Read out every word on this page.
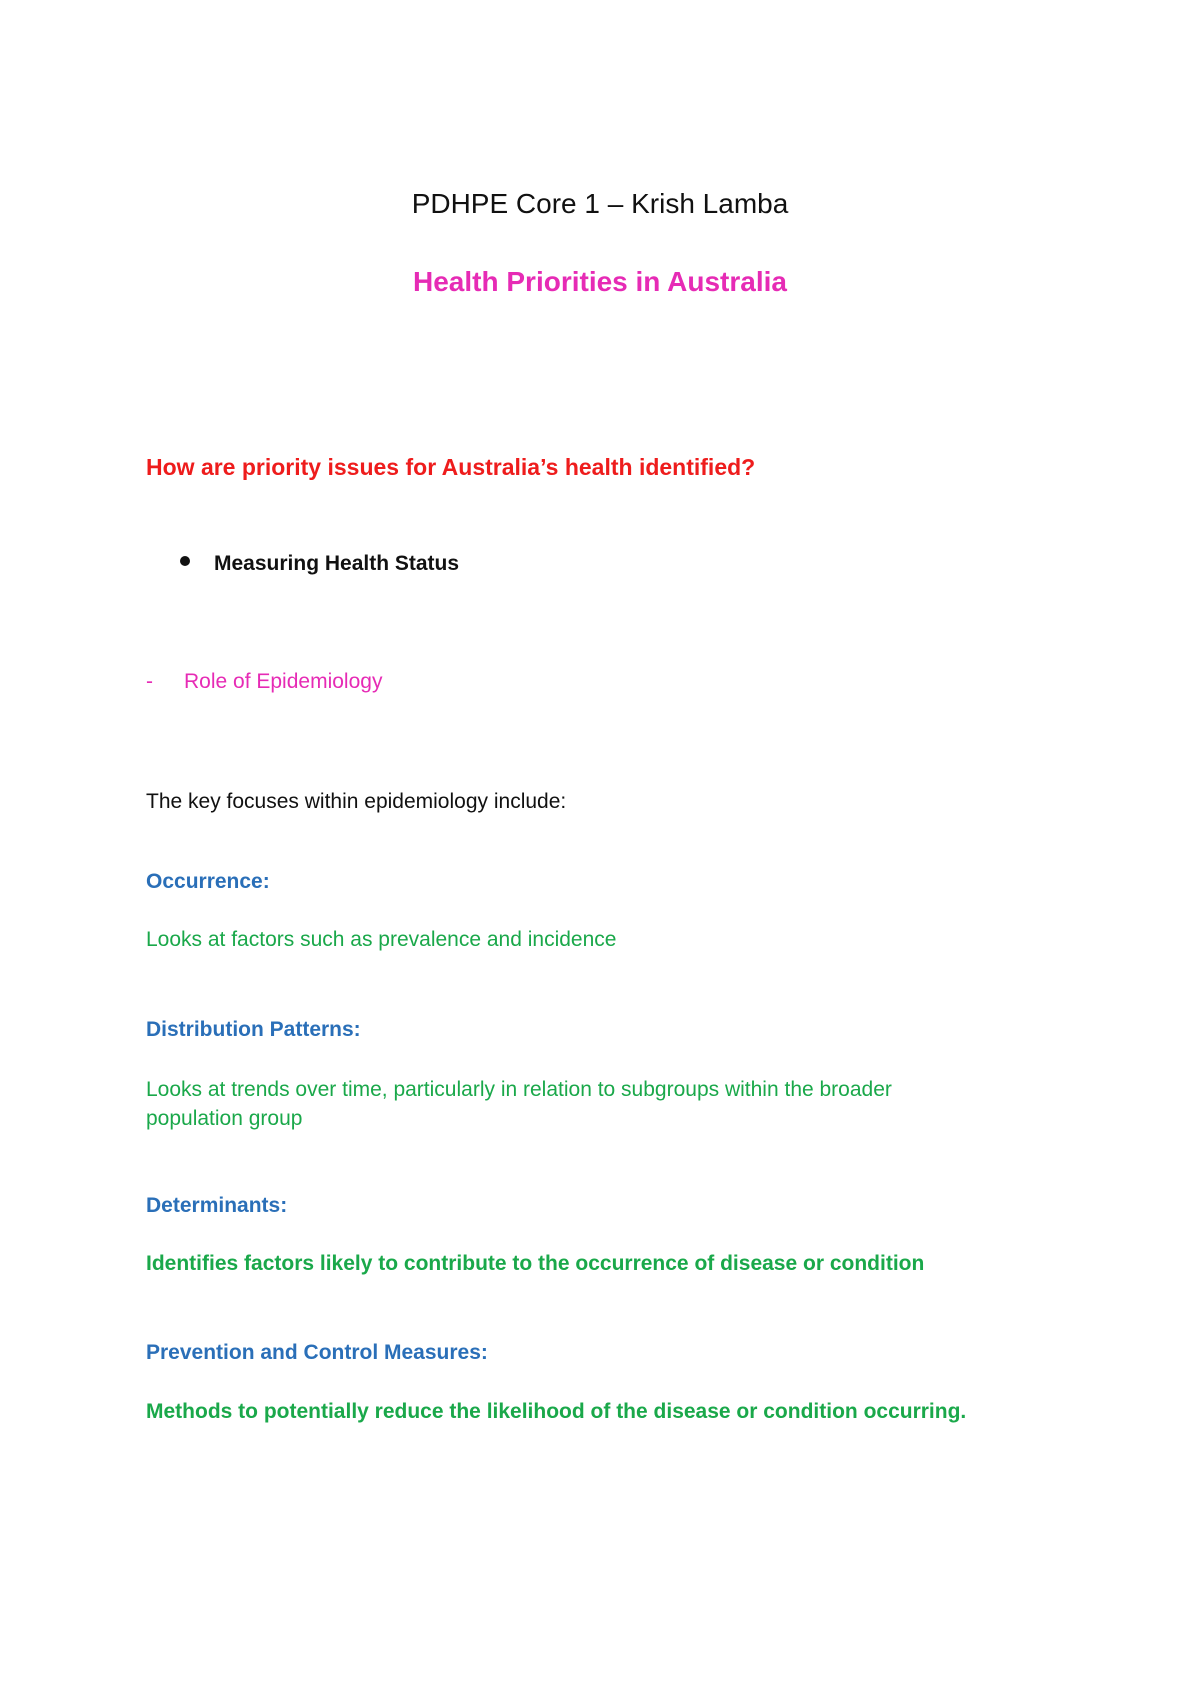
PDHPE Core 1 – Krish Lamba
Health Priorities in Australia
How are priority issues for Australia’s health identified?
Measuring Health Status
- Role of Epidemiology
The key focuses within epidemiology include:
Occurrence:
Looks at factors such as prevalence and incidence
Distribution Patterns:
Looks at trends over time, particularly in relation to subgroups within the broader population group
Determinants:
Identifies factors likely to contribute to the occurrence of disease or condition
Prevention and Control Measures:
Methods to potentially reduce the likelihood of the disease or condition occurring.
